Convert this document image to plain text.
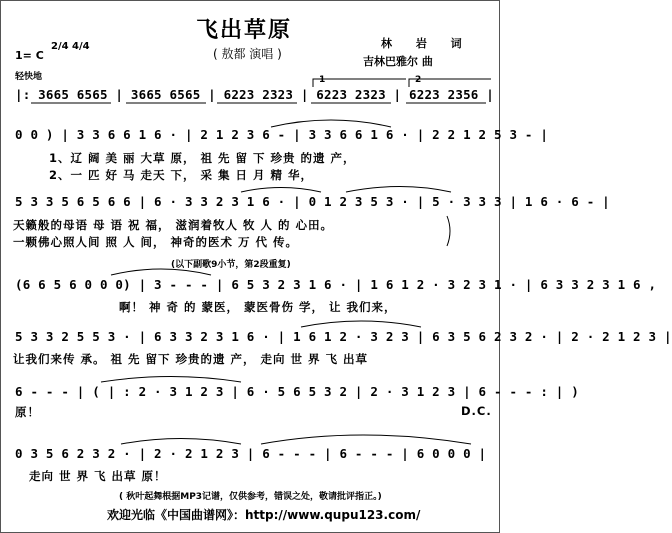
飞出草原
( 敖都 演唱 )
林 岩 词
吉林巴雅尔 曲
1= C
2/4 4/4
轻快地	1	2
|: 3665 6565 | 3665 6565 | 6223 2323 | 6223 2323 | 6223 2356 |
0 0 ) | 3 3 6 6 1 6 · | 2 1 2 3 6 - | 3 3 6 6 1 6 · | 2 2 1 2 5 3 - |
1、辽 阔 美 丽 大草 原， 祖 先 留 下 珍贵 的遗 产，
2、一 匹 好 马 走天 下， 采 集 日 月 精 华，
5 3 3 5 6 5 6 6 | 6 · 3 3 2 3 1 6 · | 0 1 2 3 5 3 · | 5 · 3 3 3 | 1 6 · 6 - |
天籁般的母语 母 语 祝 福， 滋润着牧人 牧 人 的 心田。
一颗佛心照人间 照 人 间， 神奇的医术 万 代 传。
(以下副歌9小节，第2段重复)
(6 6 5 6 0 0 0) | 3 - - - | 6 5 3 2 3 1 6 · | 1 6 1 2 · 3 2 3 1 · | 6 3 3 2 3 1 6 ,
啊！ 神 奇 的 蒙医， 蒙医骨伤 学， 让 我们来，
5 3 3 2 5 5 3 · | 6 3 3 2 3 1 6 · | 1 6 1 2 · 3 2 3 | 6 3 5 6 2 3 2 · | 2 · 2 1 2 3 |
让我们来传 承。 祖 先 留下 珍贵的遗 产， 走向 世 界 飞 出草
6 - - - | ( | : 2 · 3 1 2 3 | 6 · 5 6 5 3 2 | 2 · 3 1 2 3 | 6 - - - : | )
原！	D.C.
0 3 5 6 2 3 2 · | 2 · 2 1 2 3 | 6 - - - | 6 - - - | 6 0 0 0 |
走向 世 界 飞 出草 原！
( 秋叶起舞根据MP3记谱，仅供参考，错误之处，敬请批评指正。)
欢迎光临《中国曲谱网》：http://www.qupu123.com/
